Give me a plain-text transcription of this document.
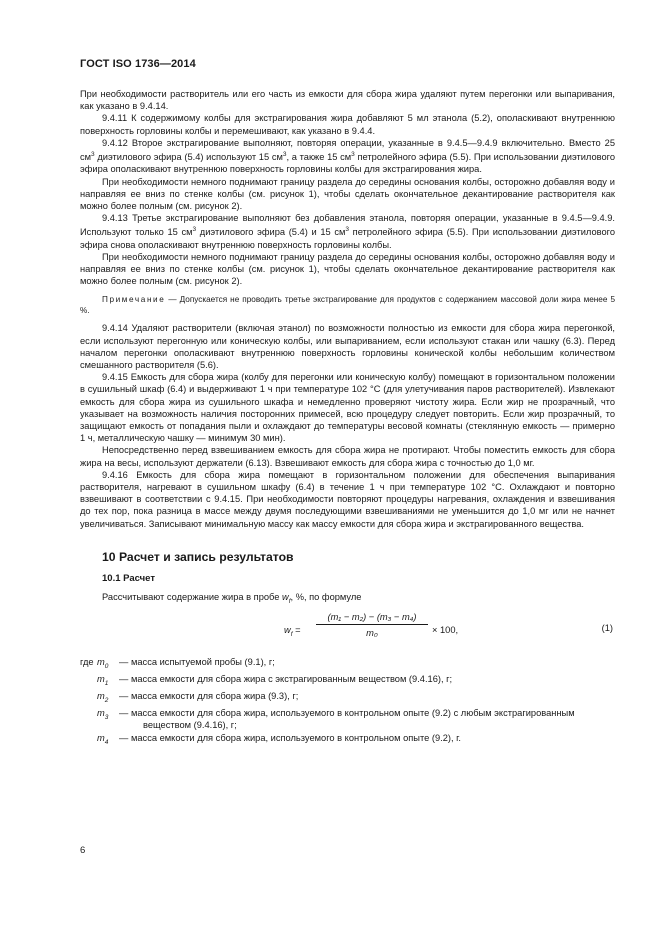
ГОСТ ISO 1736—2014

При необходимости растворитель или его часть из емкости для сбора жира удаляют путем перегонки или выпаривания, как указано в 9.4.14.

9.4.11 К содержимому колбы для экстрагирования жира добавляют 5 мл этанола (5.2), ополаскивают внутреннюю поверхность горловины колбы и перемешивают, как указано в 9.4.4.

9.4.12 Второе экстрагирование выполняют, повторяя операции, указанные в 9.4.5—9.4.9 включительно. Вместо 25 $см^3$ диэтилового эфира (5.4) используют 15 $см^3$, а также 15 $см^3$ петролейного эфира (5.5). При использовании диэтилового эфира ополаскивают внутреннюю поверхность горловины колбы для экстрагирования жира.

При необходимости немного поднимают границу раздела до середины основания колбы, осторожно добавляя воду и направляя ее вниз по стенке колбы (см. рисунок 1), чтобы сделать окончательное декантирование растворителя как можно более полным (см. рисунок 2).

9.4.13 Третье экстрагирование выполняют без добавления этанола, повторяя операции, указанные в 9.4.5—9.4.9. Используют только 15 $см^3$ диэтилового эфира (5.4) и 15 $см^3$ петролейного эфира (5.5). При использовании диэтилового эфира снова ополаскивают внутреннюю поверхность горловины колбы.

При необходимости немного поднимают границу раздела до середины основания колбы, осторожно добавляя воду и направляя ее вниз по стенке колбы (см. рисунок 1), чтобы сделать окончательное декантирование растворителя как можно более полным (см. рисунок 2).

Примечание — Допускается не проводить третье экстрагирование для продуктов с содержанием массовой доли жира менее 5 %.

9.4.14 Удаляют растворители (включая этанол) по возможности полностью из емкости для сбора жира перегонкой, если используют перегонную или коническую колбы, или выпариванием, если используют стакан или чашку (6.3). Перед началом перегонки ополаскивают внутреннюю поверхность горловины конической колбы небольшим количеством смешанного растворителя (5.6).

9.4.15 Емкость для сбора жира (колбу для перегонки или коническую колбу) помещают в горизонтальном положении в сушильный шкаф (6.4) и выдерживают 1 ч при температуре 102 °С (для улетучивания паров растворителей). Извлекают емкость для сбора жира из сушильного шкафа и немедленно проверяют чистоту жира. Если жир не прозрачный, что указывает на возможность наличия посторонних примесей, всю процедуру следует повторить. Если жир прозрачный, то защищают емкость от попадания пыли и охлаждают до температуры весовой комнаты (стеклянную емкость — примерно 1 ч, металлическую чашку — минимум 30 мин).

Непосредственно перед взвешиванием емкость для сбора жира не протирают. Чтобы поместить емкость для сбора жира на весы, используют держатели (6.13). Взвешивают емкость для сбора жира с точностью до 1,0 мг.

9.4.16 Емкость для сбора жира помещают в горизонтальном положении для обеспечения выпаривания растворителя, нагревают в сушильном шкафу (6.4) в течение 1 ч при температуре 102 °С. Охлаждают и повторно взвешивают в соответствии с 9.4.15. При необходимости повторяют процедуры нагревания, охлаждения и взвешивания до тех пор, пока разница в массе между двумя последующими взвешиваниями не уменьшится до 1,0 мг или не начнет увеличиваться. Записывают минимальную массу как массу емкости для сбора жира и экстрагированного вещества.

10 Расчет и запись результатов
10.1 Расчет

Рассчитывают содержание жира в пробе $w_f$, %, по формуле

$w_f = \frac{\text{(m₁ − m₂) − (m₃ − m₄)}}{\text{m₀}} \times 100$,	(1)
где $m_0$	— масса испытуемой пробы (9.1), г;
$m_1$	— масса емкости для сбора жира с экстрагированным веществом (9.4.16), г;
$m_2$	— масса емкости для сбора жира (9.3), г;
$m_3$	— масса емкости для сбора жира, используемого в контрольном опыте (9.2) с любым экстрагированным
веществом (9.4.16), г;
$m_4$	— масса емкости для сбора жира, используемого в контрольном опыте (9.2), г.
6
